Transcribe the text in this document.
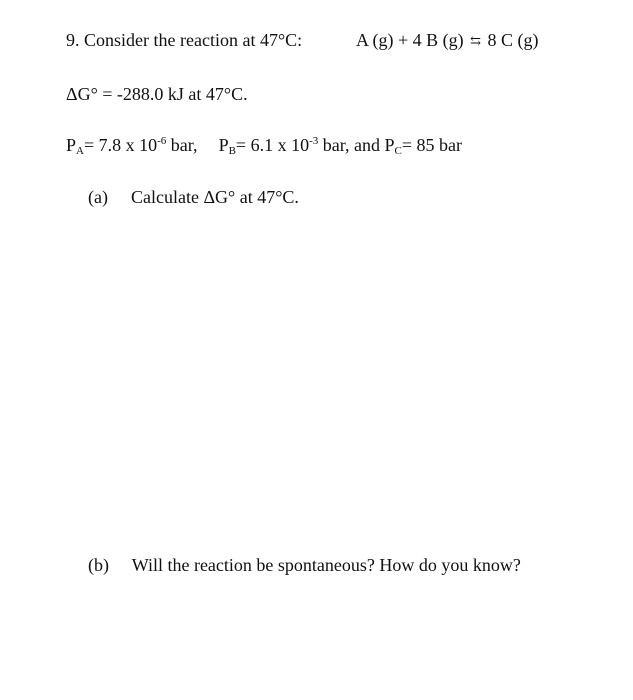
9. Consider the reaction at 47°C:	A (g) + 4 B (g) ⇆ 8 C (g)
ΔG° = -288.0 kJ at 47°C.
$P_A= 7.8$ x $10^{-6}$ bar, $P_B= 6.1$ x $10^{-3}$ bar, and $P_C= 85$ bar
(a) Calculate ΔG° at 47°C.
(b) Will the reaction be spontaneous? How do you know?
